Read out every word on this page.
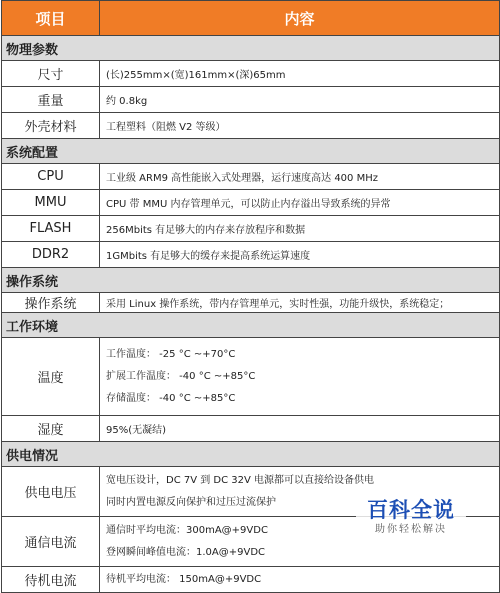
项目	内容
物理参数	
尺寸	(长)255mm×(宽)161mm×(深)65mm
重量	约 0.8kg
外壳材料	工程塑料（阻燃 V2 等级）
系统配置	
CPU	工业级 ARM9 高性能嵌入式处理器，运行速度高达 400 MHz
MMU	CPU 带 MMU 内存管理单元，可以防止内存溢出导致系统的异常
FLASH	256Mbits 有足够大的内存来存放程序和数据
DDR2	1GMbits 有足够大的缓存来提高系统运算速度
操作系统	
操作系统	采用 Linux 操作系统，带内存管理单元，实时性强，功能升级快，系统稳定；
工作环境	
温度	工作温度： -25 °C ~+70°C
扩展工作温度： -40 °C ~+85°C
存储温度： -40 °C ~+85°C

湿度	95%(无凝结)
供电情况	
供电电压	宽电压设计，DC 7V 到 DC 32V 电源都可以直接给设备供电
同时内置电源反向保护和过压过流保护

通信电流	通信时平均电流：300mA@+9VDC
登网瞬间峰值电流：1.0A@+9VDC

待机电流	待机平均电流： 150mA@+9VDC
百科全说
助你轻松解决
